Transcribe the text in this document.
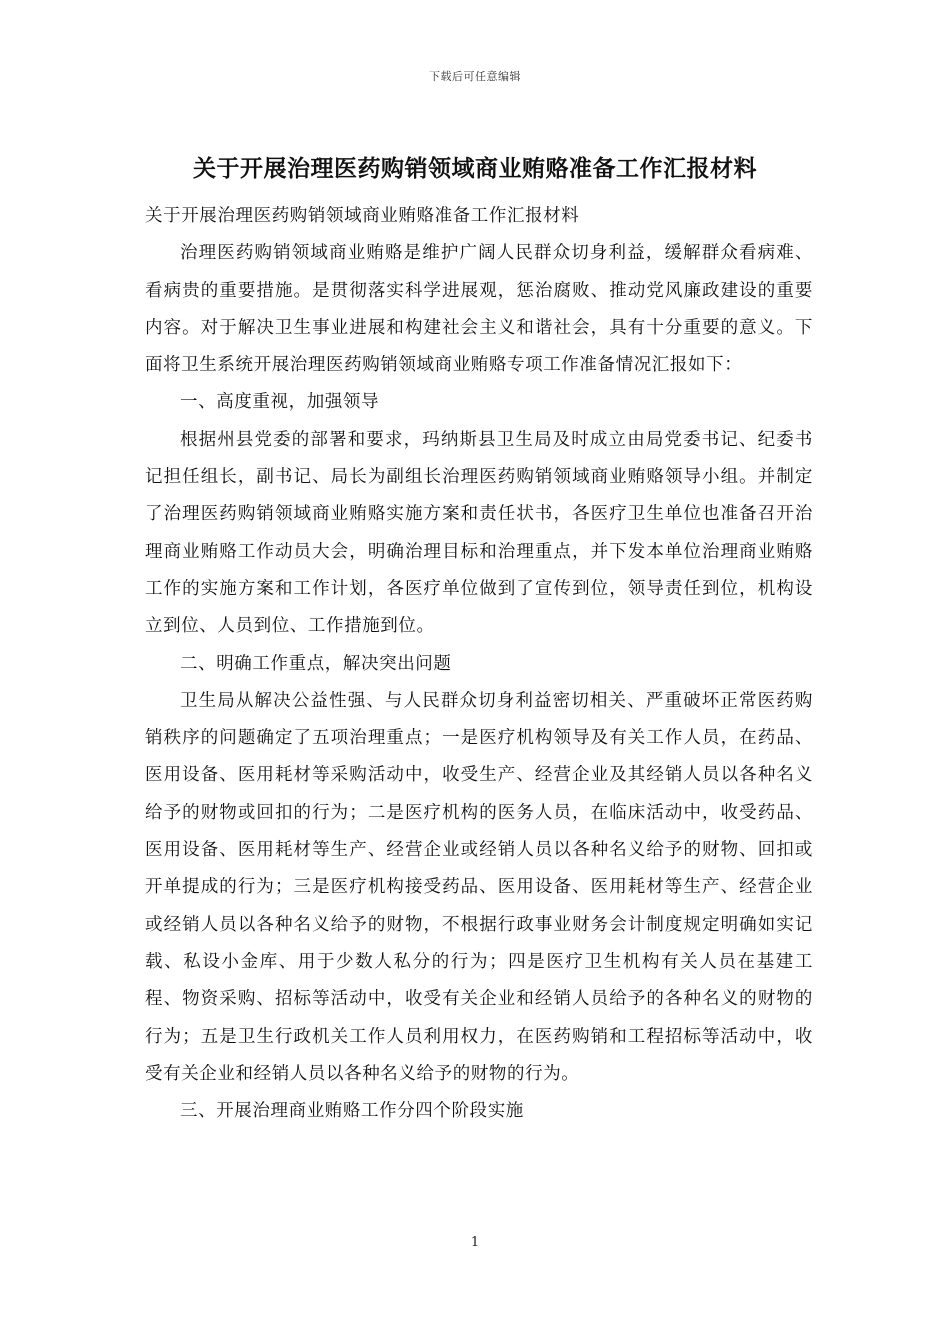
下载后可任意编辑
关于开展治理医药购销领域商业贿赂准备工作汇报材料

关于开展治理医药购销领域商业贿赂准备工作汇报材料

治理医药购销领域商业贿赂是维护广阔人民群众切身利益，缓解群众看病难、看病贵的重要措施。是贯彻落实科学进展观，惩治腐败、推动党风廉政建设的重要内容。对于解决卫生事业进展和构建社会主义和谐社会，具有十分重要的意义。下面将卫生系统开展治理医药购销领域商业贿赂专项工作准备情况汇报如下：

一、高度重视，加强领导

根据州县党委的部署和要求，玛纳斯县卫生局及时成立由局党委书记、纪委书记担任组长，副书记、局长为副组长治理医药购销领域商业贿赂领导小组。并制定了治理医药购销领域商业贿赂实施方案和责任状书，各医疗卫生单位也准备召开治理商业贿赂工作动员大会，明确治理目标和治理重点，并下发本单位治理商业贿赂工作的实施方案和工作计划，各医疗单位做到了宣传到位，领导责任到位，机构设立到位、人员到位、工作措施到位。

二、明确工作重点，解决突出问题

卫生局从解决公益性强、与人民群众切身利益密切相关、严重破坏正常医药购销秩序的问题确定了五项治理重点；一是医疗机构领导及有关工作人员，在药品、医用设备、医用耗材等采购活动中，收受生产、经营企业及其经销人员以各种名义给予的财物或回扣的行为；二是医疗机构的医务人员，在临床活动中，收受药品、医用设备、医用耗材等生产、经营企业或经销人员以各种名义给予的财物、回扣或开单提成的行为；三是医疗机构接受药品、医用设备、医用耗材等生产、经营企业或经销人员以各种名义给予的财物，不根据行政事业财务会计制度规定明确如实记载、私设小金库、用于少数人私分的行为；四是医疗卫生机构有关人员在基建工程、物资采购、招标等活动中，收受有关企业和经销人员给予的各种名义的财物的行为；五是卫生行政机关工作人员利用权力，在医药购销和工程招标等活动中，收受有关企业和经销人员以各种名义给予的财物的行为。

三、开展治理商业贿赂工作分四个阶段实施

1
